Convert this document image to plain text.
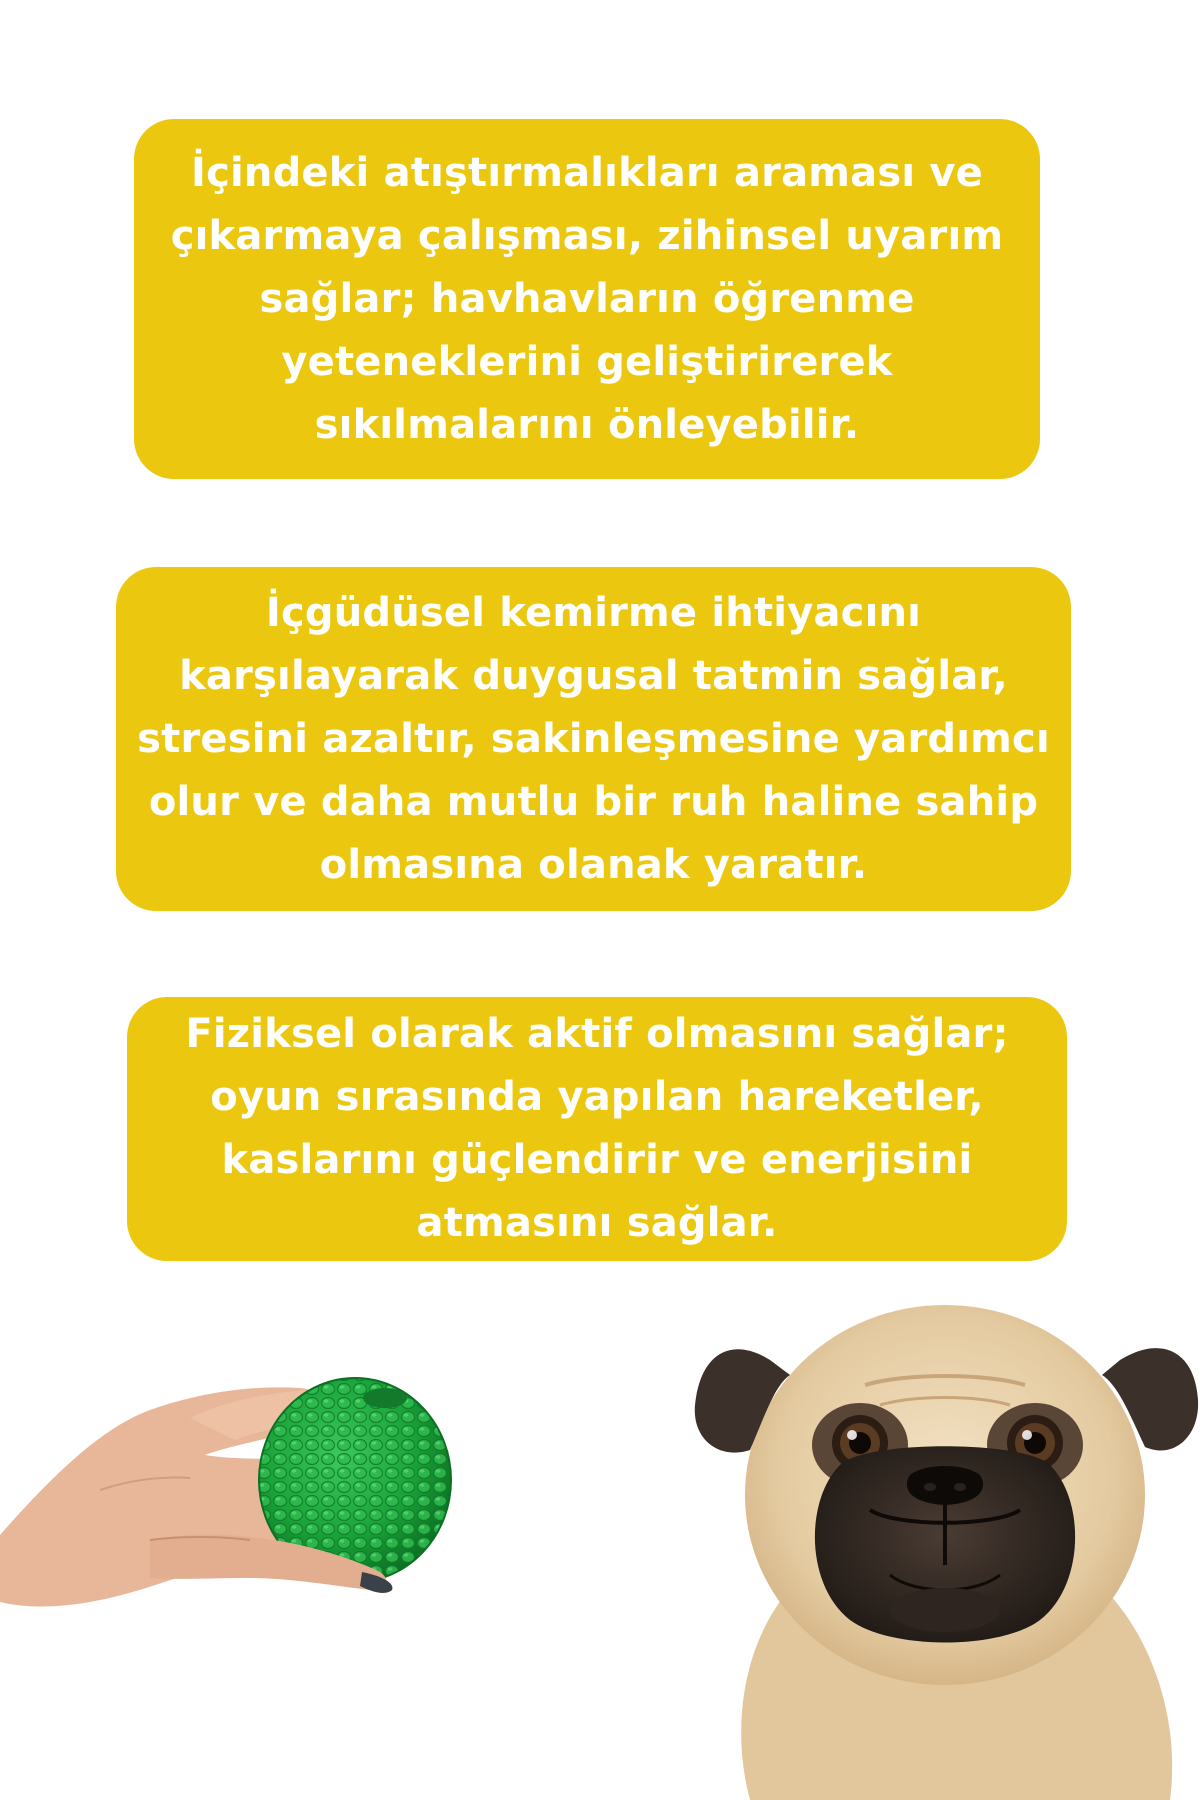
İçindeki atıştırmalıkları araması ve çıkarmaya çalışması, zihinsel uyarım sağlar; havhavların öğrenme yeteneklerini geliştirirerek sıkılmalarını önleyebilir.

İçgüdüsel kemirme ihtiyacını karşılayarak duygusal tatmin sağlar, stresini azaltır, sakinleşmesine yardımcı olur ve daha mutlu bir ruh haline sahip olmasına olanak yaratır.

Fiziksel olarak aktif olmasını sağlar; oyun sırasında yapılan hareketler, kaslarını güçlendirir ve enerjisini atmasını sağlar.
